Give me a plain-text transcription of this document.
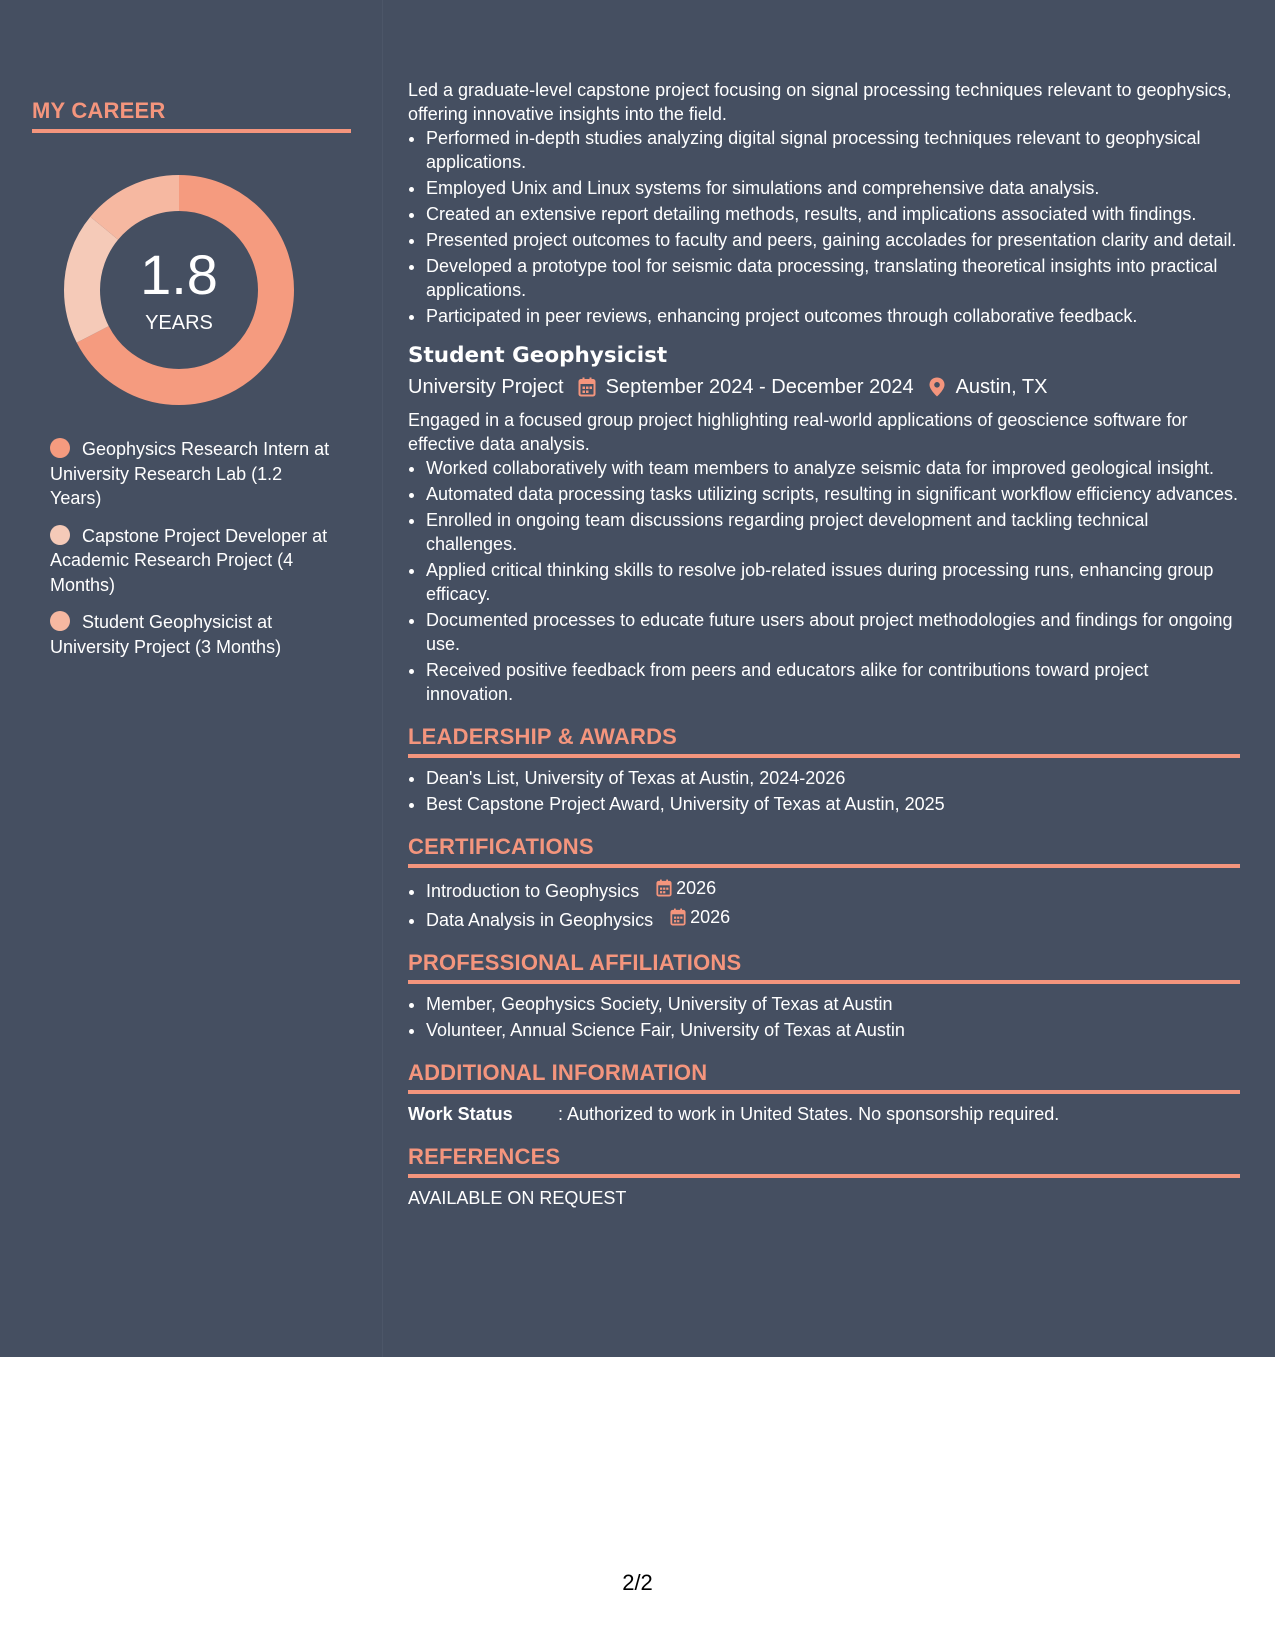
MY CAREER
1.8
YEARS
Geophysics Research Intern at University Research Lab (1.2 Years)
Capstone Project Developer at Academic Research Project (4 Months)
Student Geophysicist at University Project (3 Months)

Led a graduate-level capstone project focusing on signal processing techniques relevant to geophysics, offering innovative insights into the field.

• Performed in-depth studies analyzing digital signal processing techniques relevant to geophysical applications.
• Employed Unix and Linux systems for simulations and comprehensive data analysis.
• Created an extensive report detailing methods, results, and implications associated with findings.
• Presented project outcomes to faculty and peers, gaining accolades for presentation clarity and detail.
• Developed a prototype tool for seismic data processing, translating theoretical insights into practical applications.
• Participated in peer reviews, enhancing project outcomes through collaborative feedback.
Student Geophysicist
University Project September 2024 - December 2024 Austin, TX

Engaged in a focused group project highlighting real-world applications of geoscience software for effective data analysis.

• Worked collaboratively with team members to analyze seismic data for improved geological insight.
• Automated data processing tasks utilizing scripts, resulting in significant workflow efficiency advances.
• Enrolled in ongoing team discussions regarding project development and tackling technical challenges.
• Applied critical thinking skills to resolve job-related issues during processing runs, enhancing group efficacy.
• Documented processes to educate future users about project methodologies and findings for ongoing use.
• Received positive feedback from peers and educators alike for contributions toward project innovation.
LEADERSHIP & AWARDS
• Dean's List, University of Texas at Austin, 2024-2026
• Best Capstone Project Award, University of Texas at Austin, 2025
CERTIFICATIONS
• Introduction to Geophysics 2026
• Data Analysis in Geophysics 2026
PROFESSIONAL AFFILIATIONS
• Member, Geophysics Society, University of Texas at Austin
• Volunteer, Annual Science Fair, University of Texas at Austin
ADDITIONAL INFORMATION
Work Status	: Authorized to work in United States. No sponsorship required.
REFERENCES
AVAILABLE ON REQUEST
2/2
